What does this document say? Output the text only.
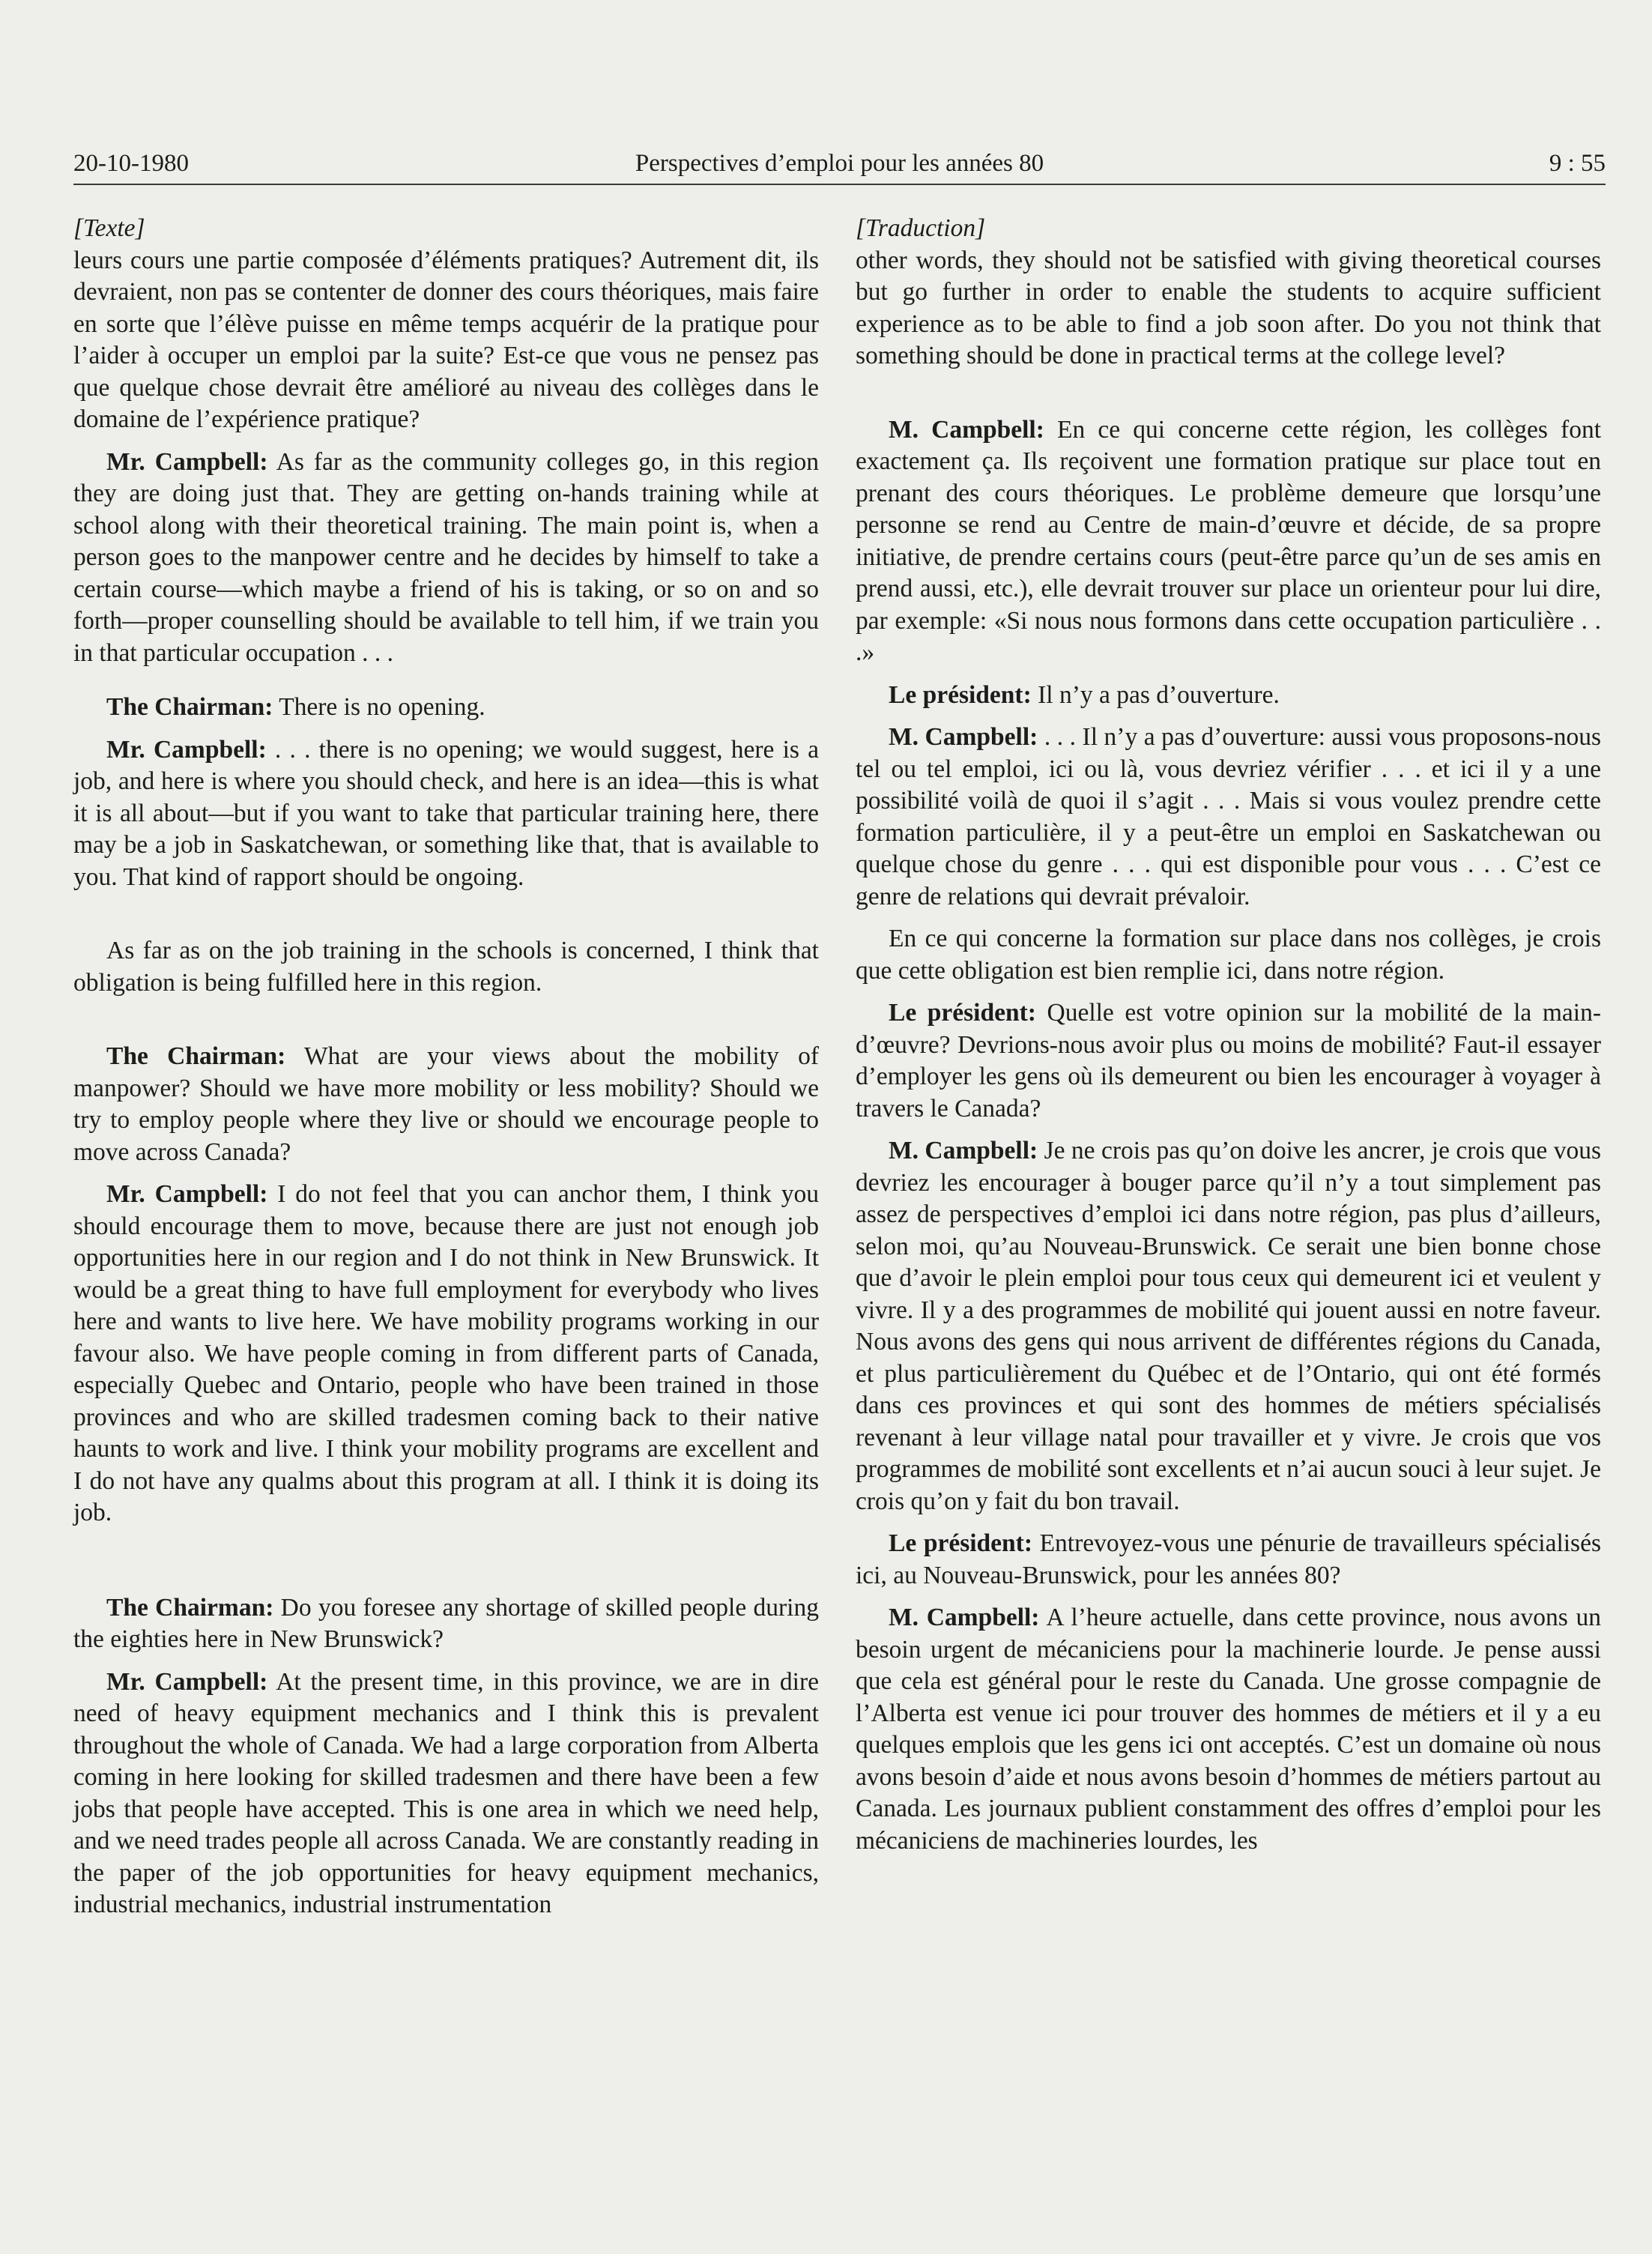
20-10-1980	Perspectives d’emploi pour les années 80	9 : 55

[Texte]

leurs cours une partie composée d’éléments pratiques? Autrement dit, ils devraient, non pas se contenter de donner des cours théoriques, mais faire en sorte que l’élève puisse en même temps acquérir de la pratique pour l’aider à occuper un emploi par la suite? Est-ce que vous ne pensez pas que quelque chose devrait être amélioré au niveau des collèges dans le domaine de l’expérience pratique?

Mr. Campbell: As far as the community colleges go, in this region they are doing just that. They are getting on-hands training while at school along with their theoretical training. The main point is, when a person goes to the manpower centre and he decides by himself to take a certain course—which maybe a friend of his is taking, or so on and so forth—proper counselling should be available to tell him, if we train you in that particular occupation . . .

The Chairman: There is no opening.

Mr. Campbell: . . . there is no opening; we would suggest, here is a job, and here is where you should check, and here is an idea—this is what it is all about—but if you want to take that particular training here, there may be a job in Saskatchewan, or something like that, that is available to you. That kind of rapport should be ongoing.

As far as on the job training in the schools is concerned, I think that obligation is being fulfilled here in this region.

The Chairman: What are your views about the mobility of manpower? Should we have more mobility or less mobility? Should we try to employ people where they live or should we encourage people to move across Canada?

Mr. Campbell: I do not feel that you can anchor them, I think you should encourage them to move, because there are just not enough job opportunities here in our region and I do not think in New Brunswick. It would be a great thing to have full employment for everybody who lives here and wants to live here. We have mobility programs working in our favour also. We have people coming in from different parts of Canada, especially Quebec and Ontario, people who have been trained in those provinces and who are skilled tradesmen coming back to their native haunts to work and live. I think your mobility programs are excellent and I do not have any qualms about this program at all. I think it is doing its job.

The Chairman: Do you foresee any shortage of skilled people during the eighties here in New Brunswick?

Mr. Campbell: At the present time, in this province, we are in dire need of heavy equipment mechanics and I think this is prevalent throughout the whole of Canada. We had a large corporation from Alberta coming in here looking for skilled tradesmen and there have been a few jobs that people have accepted. This is one area in which we need help, and we need trades people all across Canada. We are constantly reading in the paper of the job opportunities for heavy equipment mechanics, industrial mechanics, industrial instrumentation

[Traduction]

other words, they should not be satisfied with giving theoretical courses but go further in order to enable the students to acquire sufficient experience as to be able to find a job soon after. Do you not think that something should be done in practical terms at the college level?

M. Campbell: En ce qui concerne cette région, les collèges font exactement ça. Ils reçoivent une formation pratique sur place tout en prenant des cours théoriques. Le problème demeure que lorsqu’une personne se rend au Centre de main-d’œuvre et décide, de sa propre initiative, de prendre certains cours (peut-être parce qu’un de ses amis en prend aussi, etc.), elle devrait trouver sur place un orienteur pour lui dire, par exemple: «Si nous nous formons dans cette occupation particulière . . .»

Le président: Il n’y a pas d’ouverture.

M. Campbell: . . . Il n’y a pas d’ouverture: aussi vous proposons-nous tel ou tel emploi, ici ou là, vous devriez vérifier . . . et ici il y a une possibilité voilà de quoi il s’agit . . . Mais si vous voulez prendre cette formation particulière, il y a peut-être un emploi en Saskatchewan ou quelque chose du genre . . . qui est disponible pour vous . . . C’est ce genre de relations qui devrait prévaloir.

En ce qui concerne la formation sur place dans nos collèges, je crois que cette obligation est bien remplie ici, dans notre région.

Le président: Quelle est votre opinion sur la mobilité de la main-d’œuvre? Devrions-nous avoir plus ou moins de mobilité? Faut-il essayer d’employer les gens où ils demeurent ou bien les encourager à voyager à travers le Canada?

M. Campbell: Je ne crois pas qu’on doive les ancrer, je crois que vous devriez les encourager à bouger parce qu’il n’y a tout simplement pas assez de perspectives d’emploi ici dans notre région, pas plus d’ailleurs, selon moi, qu’au Nouveau-Brunswick. Ce serait une bien bonne chose que d’avoir le plein emploi pour tous ceux qui demeurent ici et veulent y vivre. Il y a des programmes de mobilité qui jouent aussi en notre faveur. Nous avons des gens qui nous arrivent de différentes régions du Canada, et plus particulièrement du Québec et de l’Ontario, qui ont été formés dans ces provinces et qui sont des hommes de métiers spécialisés revenant à leur village natal pour travailler et y vivre. Je crois que vos programmes de mobilité sont excellents et n’ai aucun souci à leur sujet. Je crois qu’on y fait du bon travail.

Le président: Entrevoyez-vous une pénurie de travailleurs spécialisés ici, au Nouveau-Brunswick, pour les années 80?

M. Campbell: A l’heure actuelle, dans cette province, nous avons un besoin urgent de mécaniciens pour la machinerie lourde. Je pense aussi que cela est général pour le reste du Canada. Une grosse compagnie de l’Alberta est venue ici pour trouver des hommes de métiers et il y a eu quelques emplois que les gens ici ont acceptés. C’est un domaine où nous avons besoin d’aide et nous avons besoin d’hommes de métiers partout au Canada. Les journaux publient constamment des offres d’emploi pour les mécaniciens de machineries lourdes, les
